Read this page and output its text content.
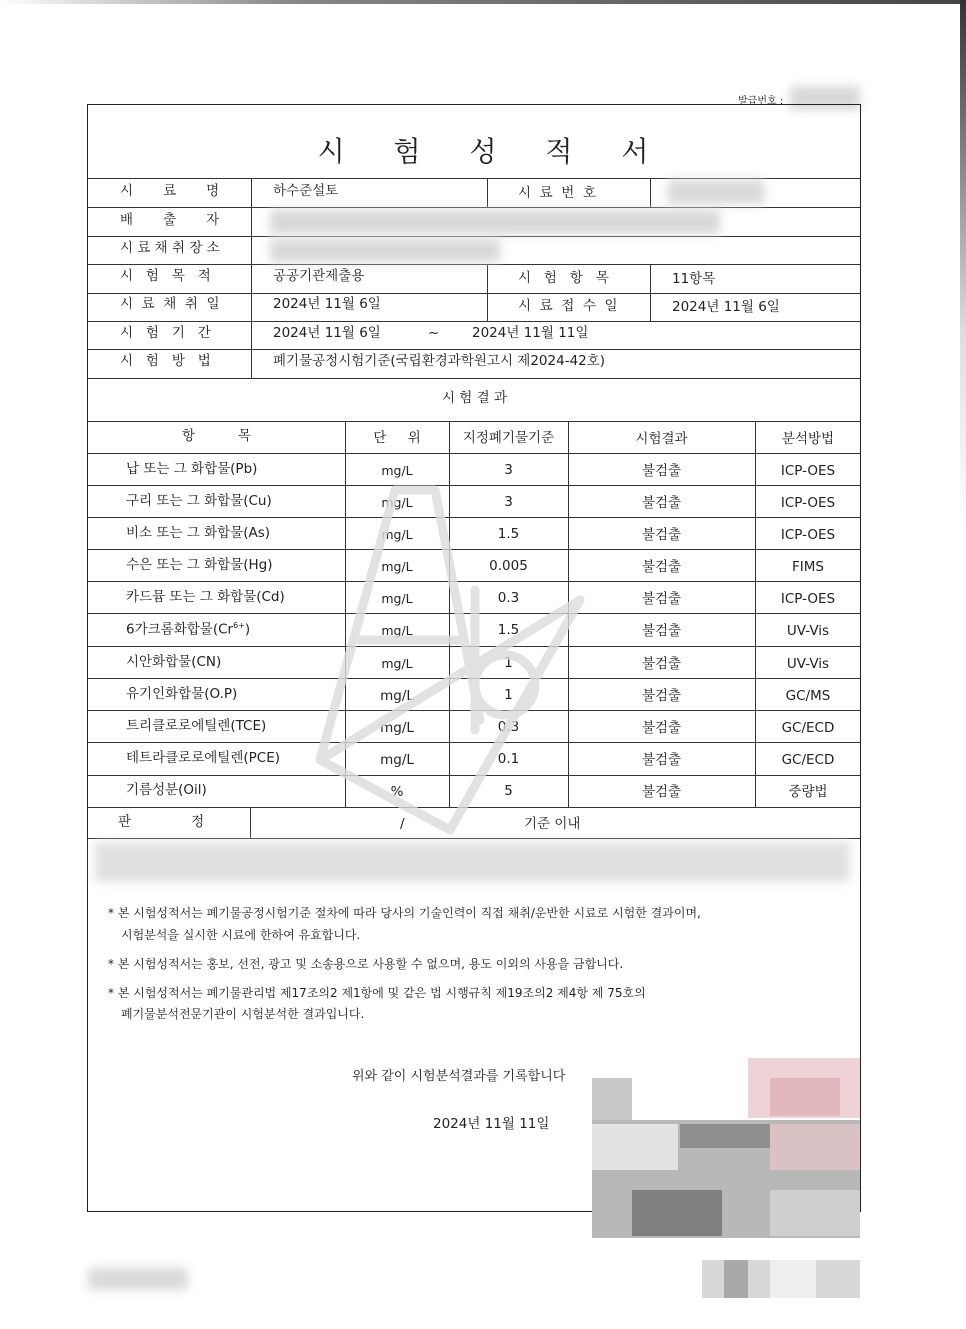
발급번호 :
시 험 성 적 서
시       료       명	하수준설토	시  료  번  호
배       출       자
시 료 채 취 장 소
시   험   목   적	공공기관제출용	시   험   항   목	11항목
시  료  채  취  일	2024년 11월 6일	시  료  접  수  일	2024년 11월 6일
시   험   기   간	2024년 11월 6일	~ 2024년 11월 11일
시   험   방   법	폐기물공정시험기준(국립환경과학원고시 제2024-42호)
시 험 결 과
항          목	단     위	지정폐기물기준	시험결과	분석방법
납 또는 그 화합물(Pb)	mg/L	3	불검출	ICP-OES
구리 또는 그 화합물(Cu)	mg/L	3	불검출	ICP-OES
비소 또는 그 화합물(As)	mg/L	1.5	불검출	ICP-OES
수은 또는 그 화합물(Hg)	mg/L	0.005	불검출	FIMS
카드뮴 또는 그 화합물(Cd)	mg/L	0.3	불검출	ICP-OES
6가크롬화합물$(Cr^{6+})$	mg/L	1.5	불검출	UV-Vis
시안화합물(CN)	mg/L	1	불검출	UV-Vis
유기인화합물(O.P)	mg/L	1	불검출	GC/MS
트리클로로에틸렌(TCE)	mg/L	0.3	불검출	GC/ECD
테트라클로로에틸렌(PCE)	mg/L	0.1	불검출	GC/ECD
기름성분(Oil)	%	5	불검출	중량법
판              정	/	기준 이내
* 본 시험성적서는 폐기물공정시험기준 절차에 따라 당사의 기술인력이 직접 채취/운반한 시료로 시험한 결과이며,
시험분석을 실시한 시료에 한하여 유효합니다.
* 본 시험성적서는 홍보, 선전, 광고 및 소송용으로 사용할 수 없으며, 용도 이외의 사용을 금합니다.
* 본 시험성적서는 폐기물관리법 제17조의2 제1항에 및 같은 법 시행규칙 제19조의2 제4항 제 75호의
폐기물분석전문기관이 시험분석한 결과입니다.
위와 같이 시험분석결과를 기록합니다
2024년 11월 11일
